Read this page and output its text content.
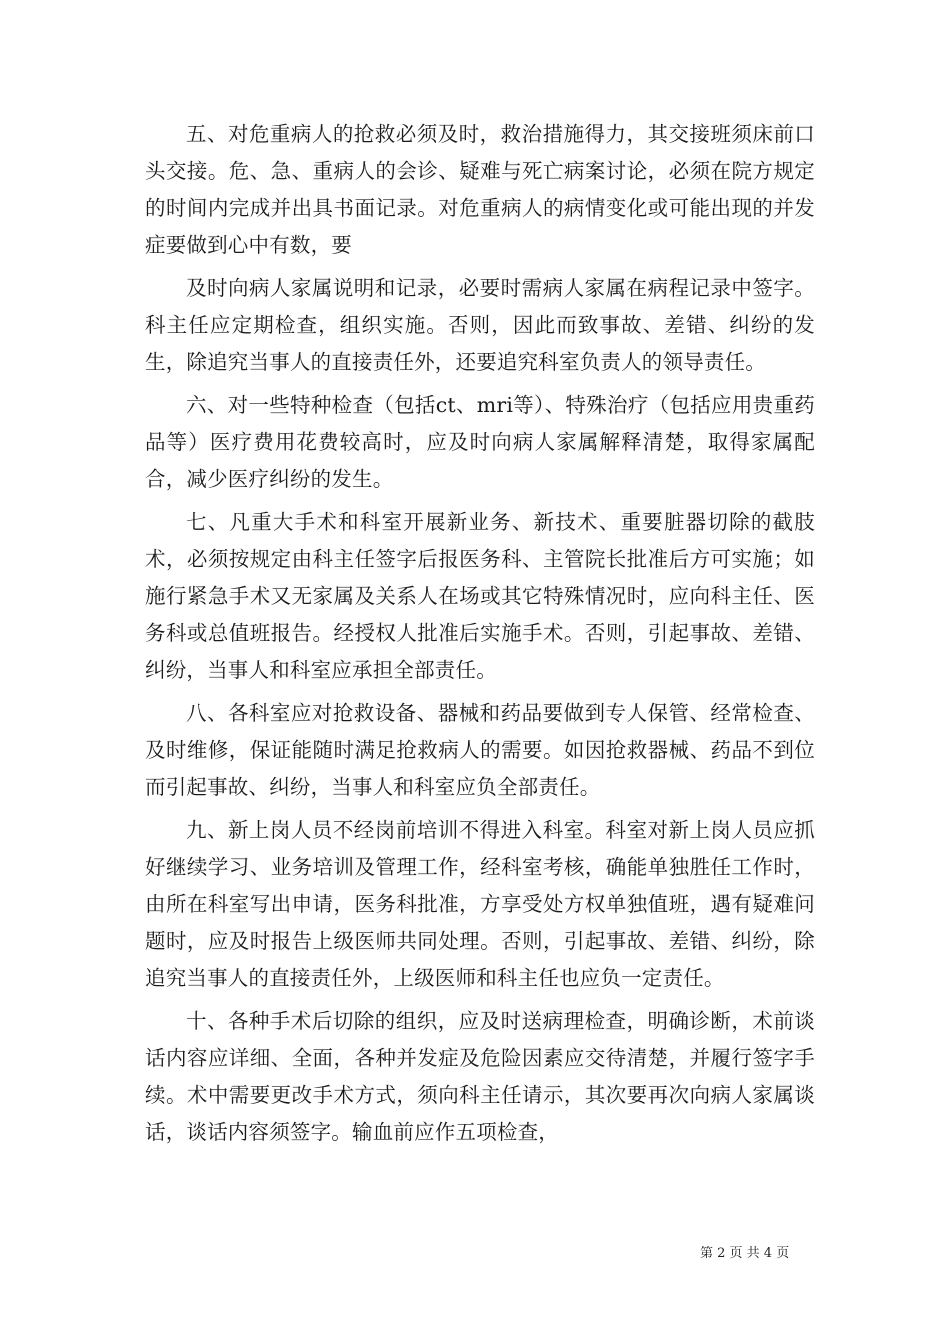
五、对危重病人的抢救必须及时，救治措施得力，其交接班须床前口头交接。危、急、重病人的会诊、疑难与死亡病案讨论，必须在院方规定的时间内完成并出具书面记录。对危重病人的病情变化或可能出现的并发症要做到心中有数，要

及时向病人家属说明和记录，必要时需病人家属在病程记录中签字。科主任应定期检查，组织实施。否则，因此而致事故、差错、纠纷的发生，除追究当事人的直接责任外，还要追究科室负责人的领导责任。

六、对一些特种检查（包括ct、mri等）、特殊治疗（包括应用贵重药品等）医疗费用花费较高时，应及时向病人家属解释清楚，取得家属配合，减少医疗纠纷的发生。

七、凡重大手术和科室开展新业务、新技术、重要脏器切除的截肢术，必须按规定由科主任签字后报医务科、主管院长批准后方可实施；如施行紧急手术又无家属及关系人在场或其它特殊情况时，应向科主任、医务科或总值班报告。经授权人批准后实施手术。否则，引起事故、差错、纠纷，当事人和科室应承担全部责任。

八、各科室应对抢救设备、器械和药品要做到专人保管、经常检查、及时维修，保证能随时满足抢救病人的需要。如因抢救器械、药品不到位而引起事故、纠纷，当事人和科室应负全部责任。

九、新上岗人员不经岗前培训不得进入科室。科室对新上岗人员应抓好继续学习、业务培训及管理工作，经科室考核，确能单独胜任工作时，由所在科室写出申请，医务科批准，方享受处方权单独值班，遇有疑难问题时，应及时报告上级医师共同处理。否则，引起事故、差错、纠纷，除追究当事人的直接责任外，上级医师和科主任也应负一定责任。

十、各种手术后切除的组织，应及时送病理检查，明确诊断，术前谈话内容应详细、全面，各种并发症及危险因素应交待清楚，并履行签字手续。术中需要更改手术方式，须向科主任请示，其次要再次向病人家属谈话，谈话内容须签字。输血前应作五项检查，

第 2 页 共 4 页
